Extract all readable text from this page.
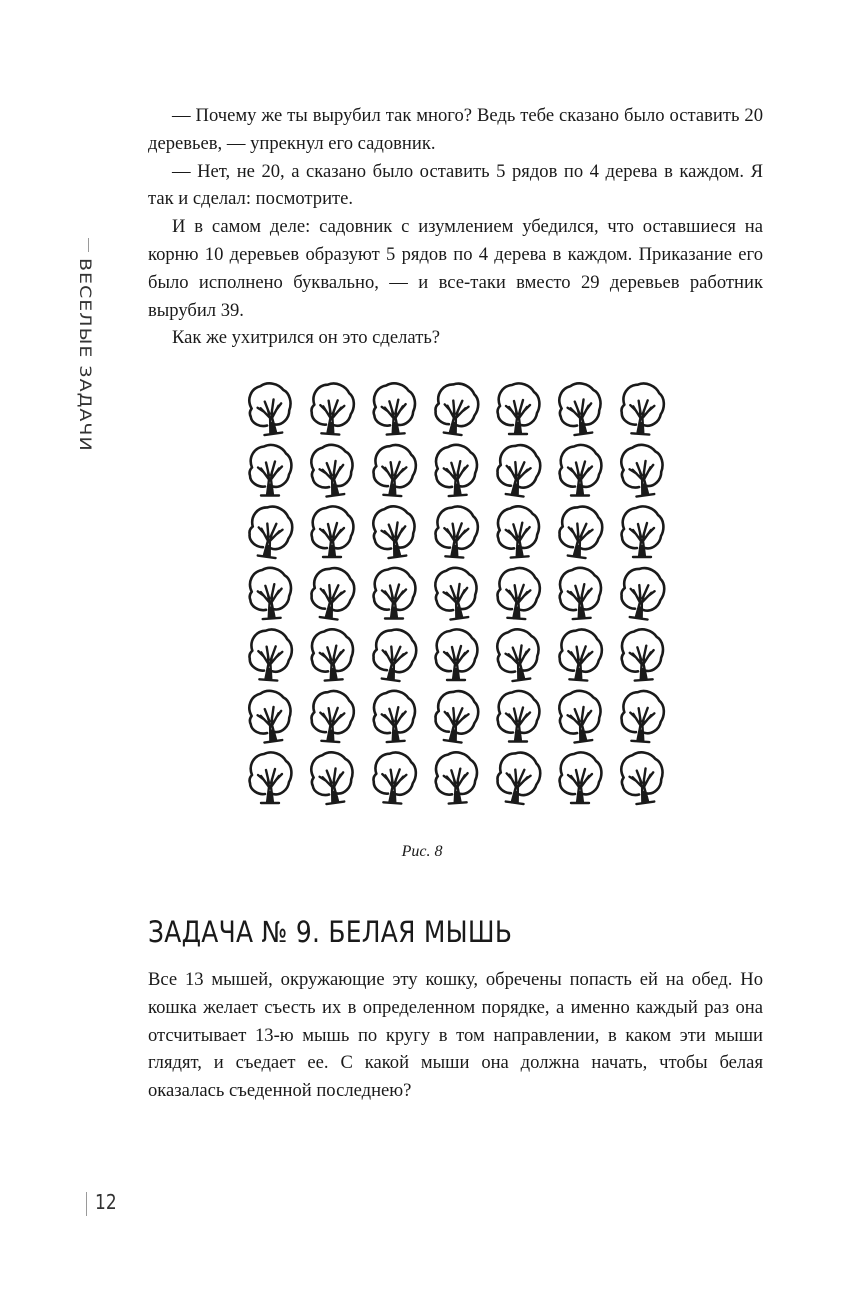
ВЕСЕЛЫЕ ЗАДАЧИ

— Почему же ты вырубил так много? Ведь тебе сказано было оставить 20 деревьев, — упрекнул его садовник.

— Нет, не 20, а сказано было оставить 5 рядов по 4 дерева в каждом. Я так и сделал: посмотрите.

И в самом деле: садовник с изумлением убедился, что оставшиеся на корню 10 деревьев образуют 5 рядов по 4 дерева в каждом. Приказание его было исполнено буквально, — и все-таки вместо 29 деревьев работник вырубил 39.

Как же ухитрился он это сделать?

Рис. 8
ЗАДАЧА № 9. БЕЛАЯ МЫШЬ

Все 13 мышей, окружающие эту кошку, обречены попасть ей на обед. Но кошка желает съесть их в определенном порядке, а именно каждый раз она отсчитывает 13-ю мышь по кругу в том направлении, в каком эти мыши глядят, и съедает ее. С какой мыши она должна начать, чтобы белая оказалась съеденной последнею?

12
